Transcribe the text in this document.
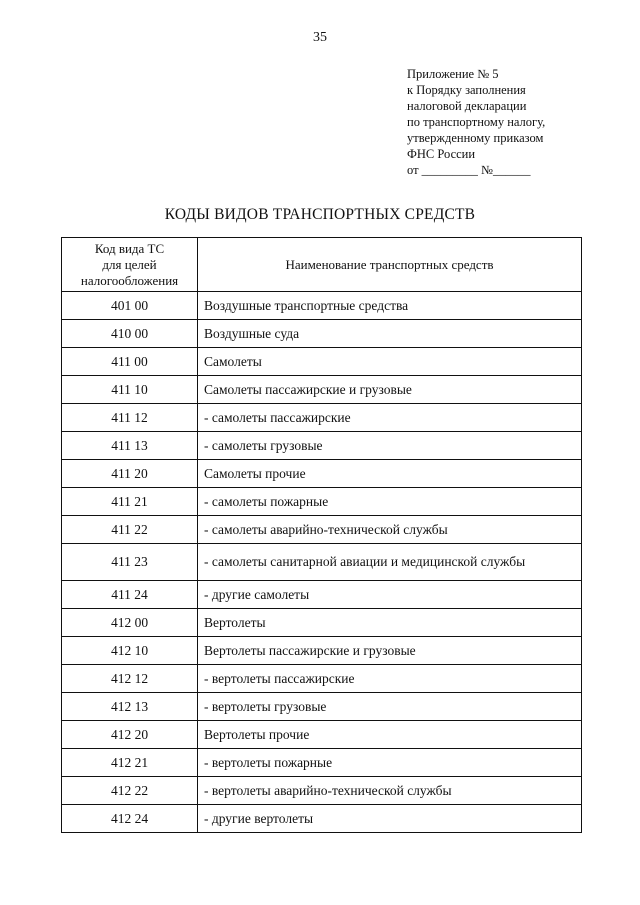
35
Приложение № 5
к Порядку заполнения
налоговой декларации
по транспортному налогу,
утвержденному приказом
ФНС России
от _________ №______
КОДЫ ВИДОВ ТРАНСПОРТНЫХ СРЕДСТВ
Код вида ТС
для целей
налогообложения	Наименование транспортных средств
401 00	Воздушные транспортные средства
410 00	Воздушные суда
411 00	Самолеты
411 10	Самолеты пассажирские и грузовые
411 12	- самолеты пассажирские
411 13	- самолеты грузовые
411 20	Самолеты прочие
411 21	- самолеты пожарные
411 22	- самолеты аварийно-технической службы
411 23	- самолеты санитарной авиации и медицинской службы
411 24	- другие самолеты
412 00	Вертолеты
412 10	Вертолеты пассажирские и грузовые
412 12	- вертолеты пассажирские
412 13	- вертолеты грузовые
412 20	Вертолеты прочие
412 21	- вертолеты пожарные
412 22	- вертолеты аварийно-технической службы
412 24	- другие вертолеты
